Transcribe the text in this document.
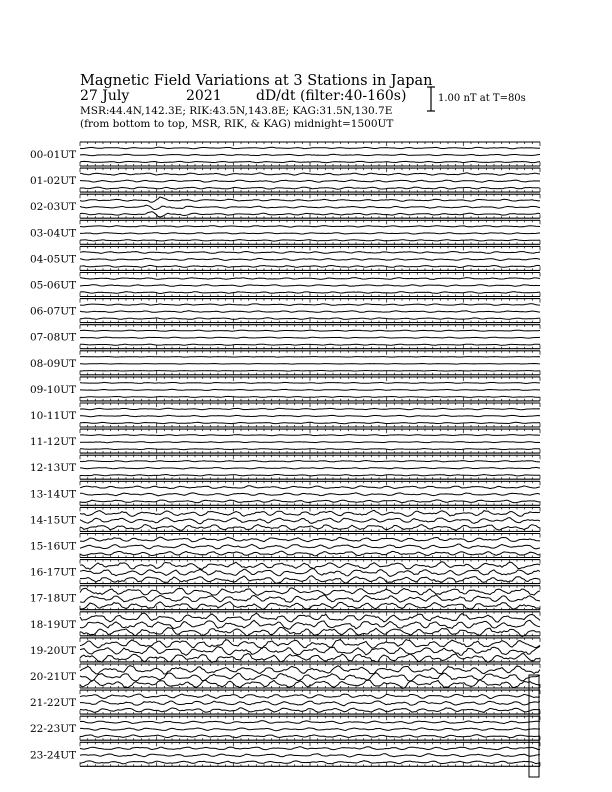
Magnetic Field Variations at 3 Stations in Japan
27 July	2021 dD/dt (filter:40-160s)
MSR:44.4N,142.3E; RIK:43.5N,143.8E; KAG:31.5N,130.7E
(from bottom to top, MSR, RIK, & KAG) midnight=1500UT
1.00 nT at T=80s
00-01UT
01-02UT
02-03UT
03-04UT
04-05UT
05-06UT
06-07UT
07-08UT
08-09UT
09-10UT
10-11UT
11-12UT
12-13UT
13-14UT
14-15UT
15-16UT
16-17UT
17-18UT
18-19UT
19-20UT
20-21UT
21-22UT
22-23UT
23-24UT
